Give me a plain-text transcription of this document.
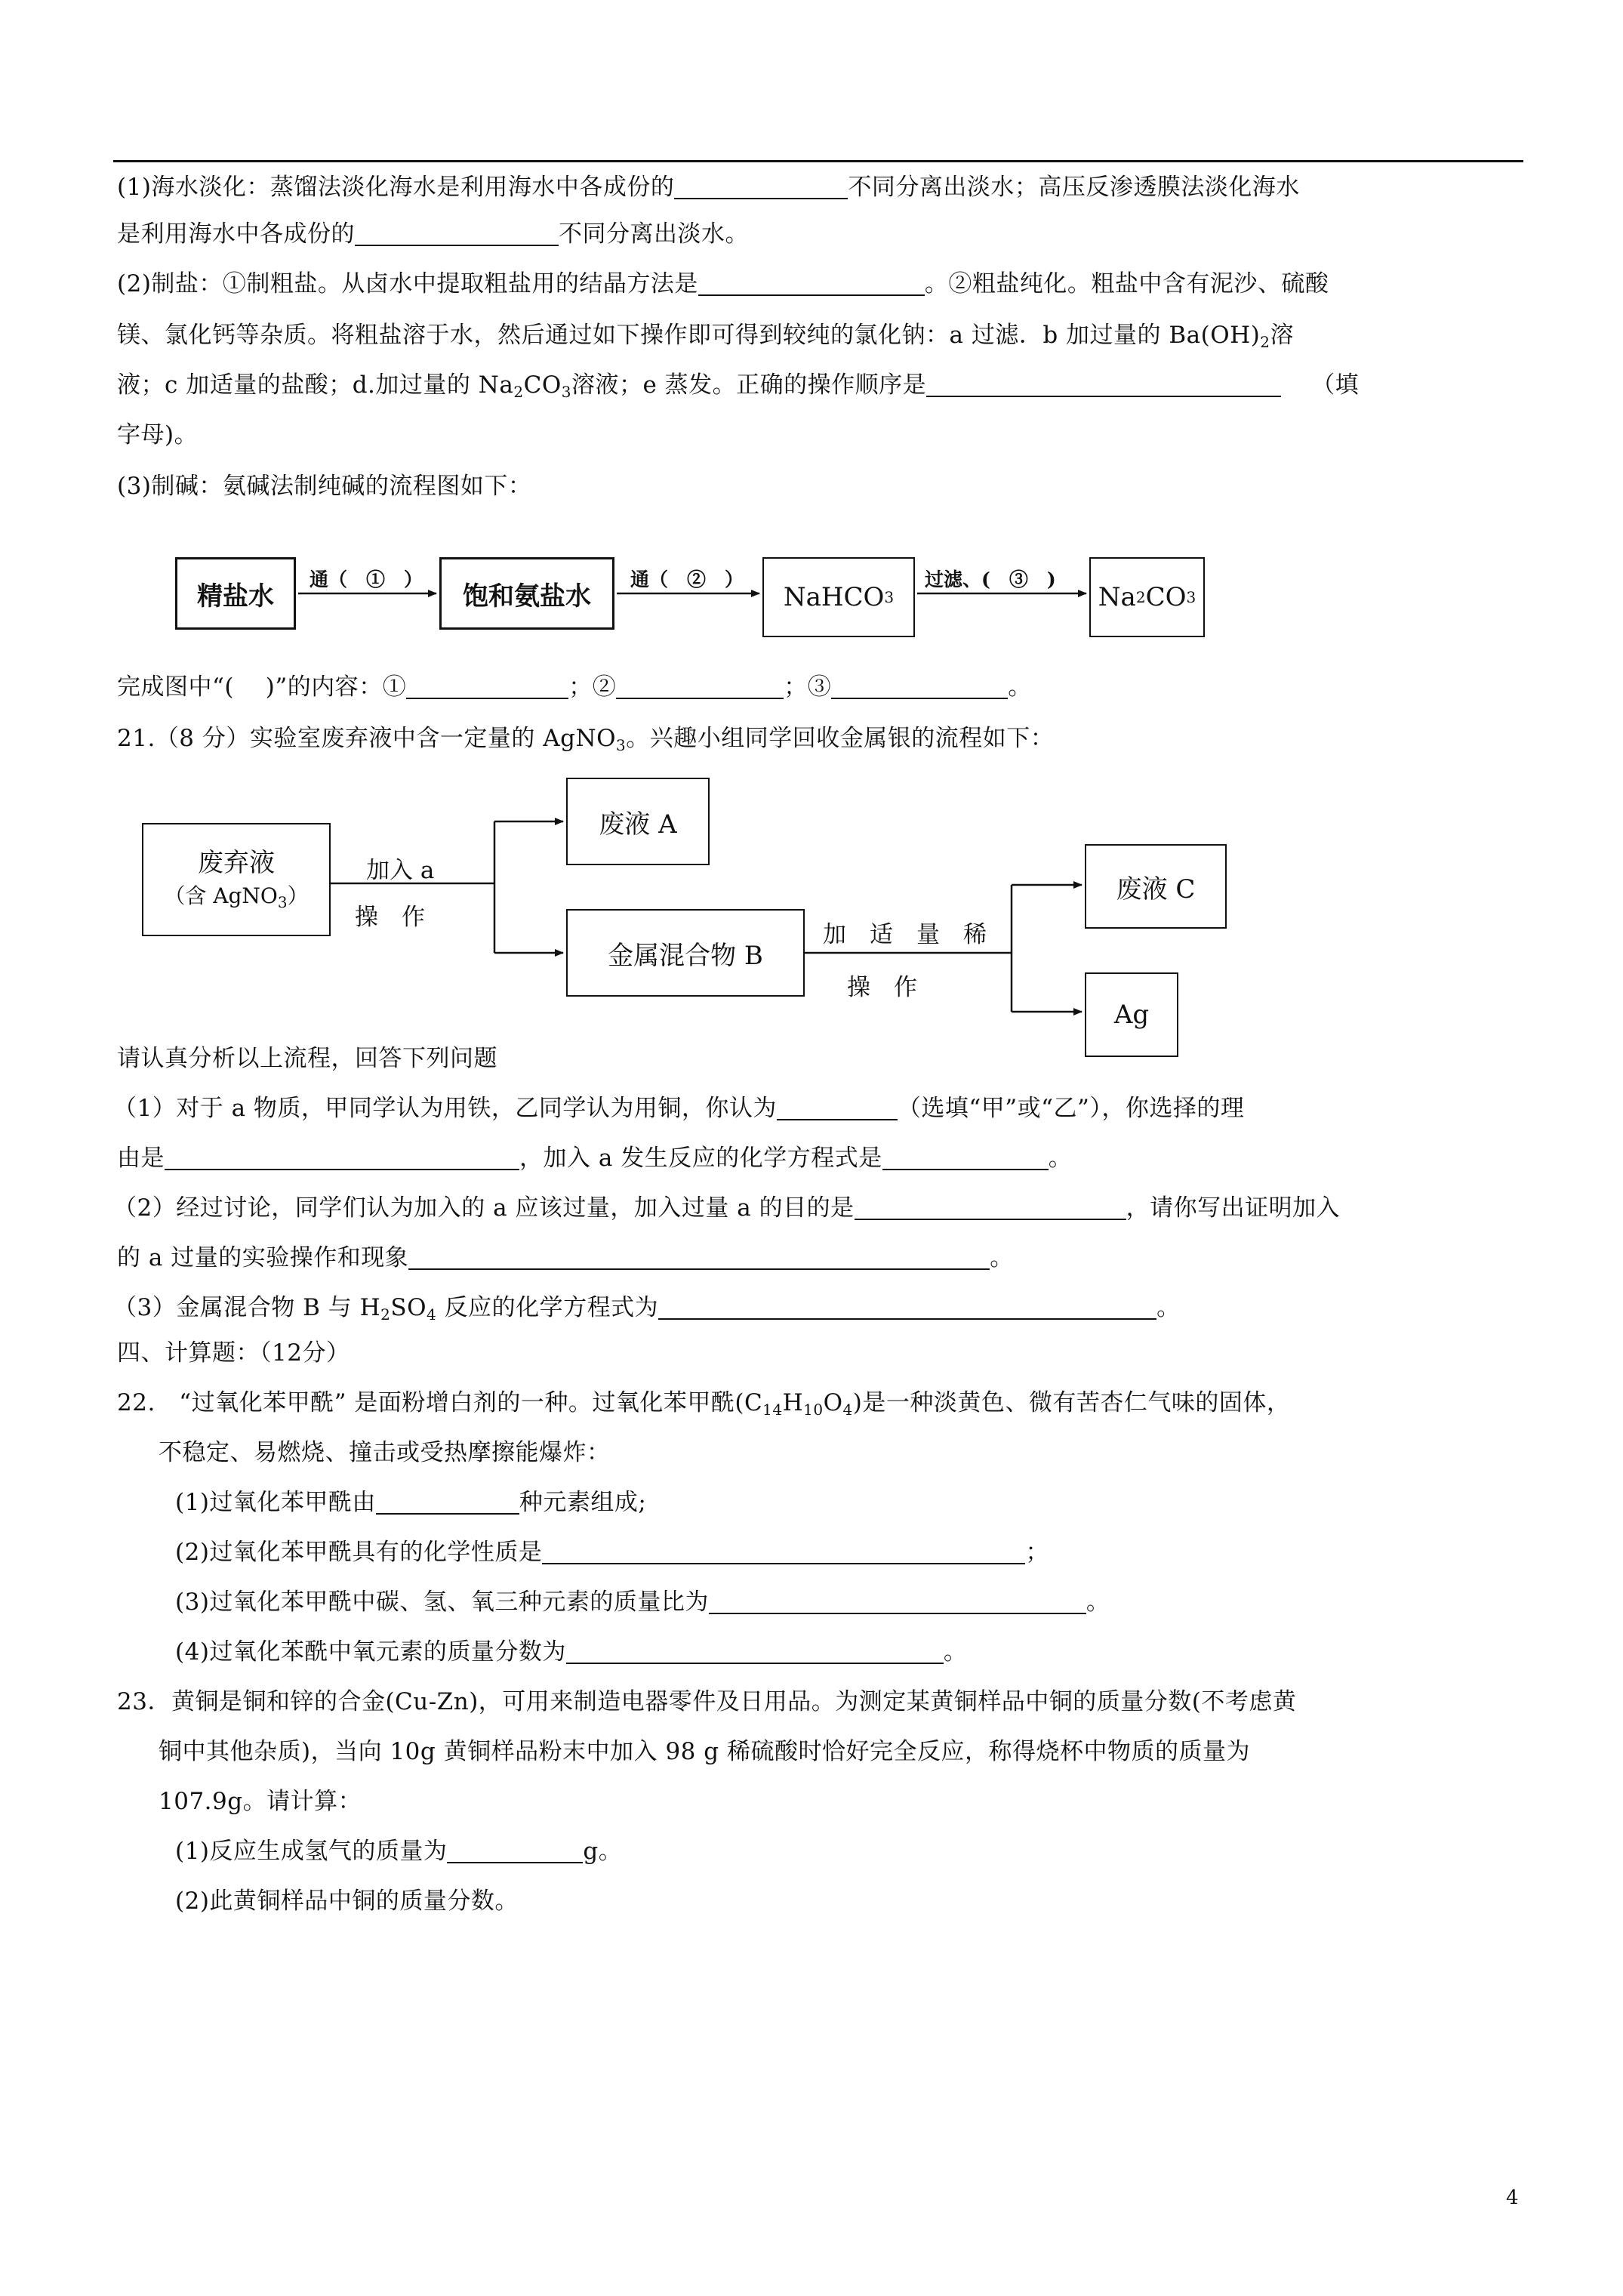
(1)海水淡化：蒸馏法淡化海水是利用海水中各成份的	不同分离出淡水；高压反渗透膜法淡化海水
是利用海水中各成份的	不同分离出淡水。
(2)制盐：①制粗盐。从卤水中提取粗盐用的结晶方法是	。②粗盐纯化。粗盐中含有泥沙、硫酸
镁、氯化钙等杂质。将粗盐溶于水，然后通过如下操作即可得到较纯的氯化钠：a 过滤．b 加过量的 $Ba(OH)_2$溶
液；c 加适量的盐酸；d.加过量的 $Na_2CO_3$溶液；e 蒸发。正确的操作顺序是	（填
字母)。
(3)制碱：氨碱法制纯碱的流程图如下：
精盐水	饱和氨盐水	NaHCO 3	Na 2 CO 3
通（　①　）	通（　②　）	过滤、(　③　)
完成图中“(　 )”的内容：①	；②	；③	。
21.（8 分）实验室废弃液中含一定量的 AgNO$_3$。兴趣小组同学回收金属银的流程如下：
废弃液
（含 AgNO$_3$）
废液 A
金属混合物 B
废液 C
Ag
加入 a
操　作
加　适　量　稀
操　作
请认真分析以上流程，回答下列问题
（1）对于 a 物质，甲同学认为用铁，乙同学认为用铜，你认为	（选填“甲”或“乙”），你选择的理
由是	，加入 a 发生反应的化学方程式是	。
（2）经过讨论，同学们认为加入的 a 应该过量，加入过量 a 的目的是	，请你写出证明加入
的 a 过量的实验操作和现象	。
（3）金属混合物 B 与 $H_2SO_4$ 反应的化学方程式为	。
四、计算题：（12分）
22.　“过氧化苯甲酰” 是面粉增白剂的一种。过氧化苯甲酰$(C_{14}H_{10}O_4)$是一种淡黄色、微有苦杏仁气味的固体，
不稳定、易燃烧、撞击或受热摩擦能爆炸：
(1)过氧化苯甲酰由	种元素组成;
(2)过氧化苯甲酰具有的化学性质是	；
(3)过氧化苯甲酰中碳、氢、氧三种元素的质量比为	。
(4)过氧化苯酰中氧元素的质量分数为	。
23．黄铜是铜和锌的合金(Cu-Zn)，可用来制造电器零件及日用品。为测定某黄铜样品中铜的质量分数(不考虑黄
铜中其他杂质)，当向 10g 黄铜样品粉末中加入 98 g 稀硫酸时恰好完全反应，称得烧杯中物质的质量为
107.9g。请计算：
(1)反应生成氢气的质量为	g。
(2)此黄铜样品中铜的质量分数。
4
